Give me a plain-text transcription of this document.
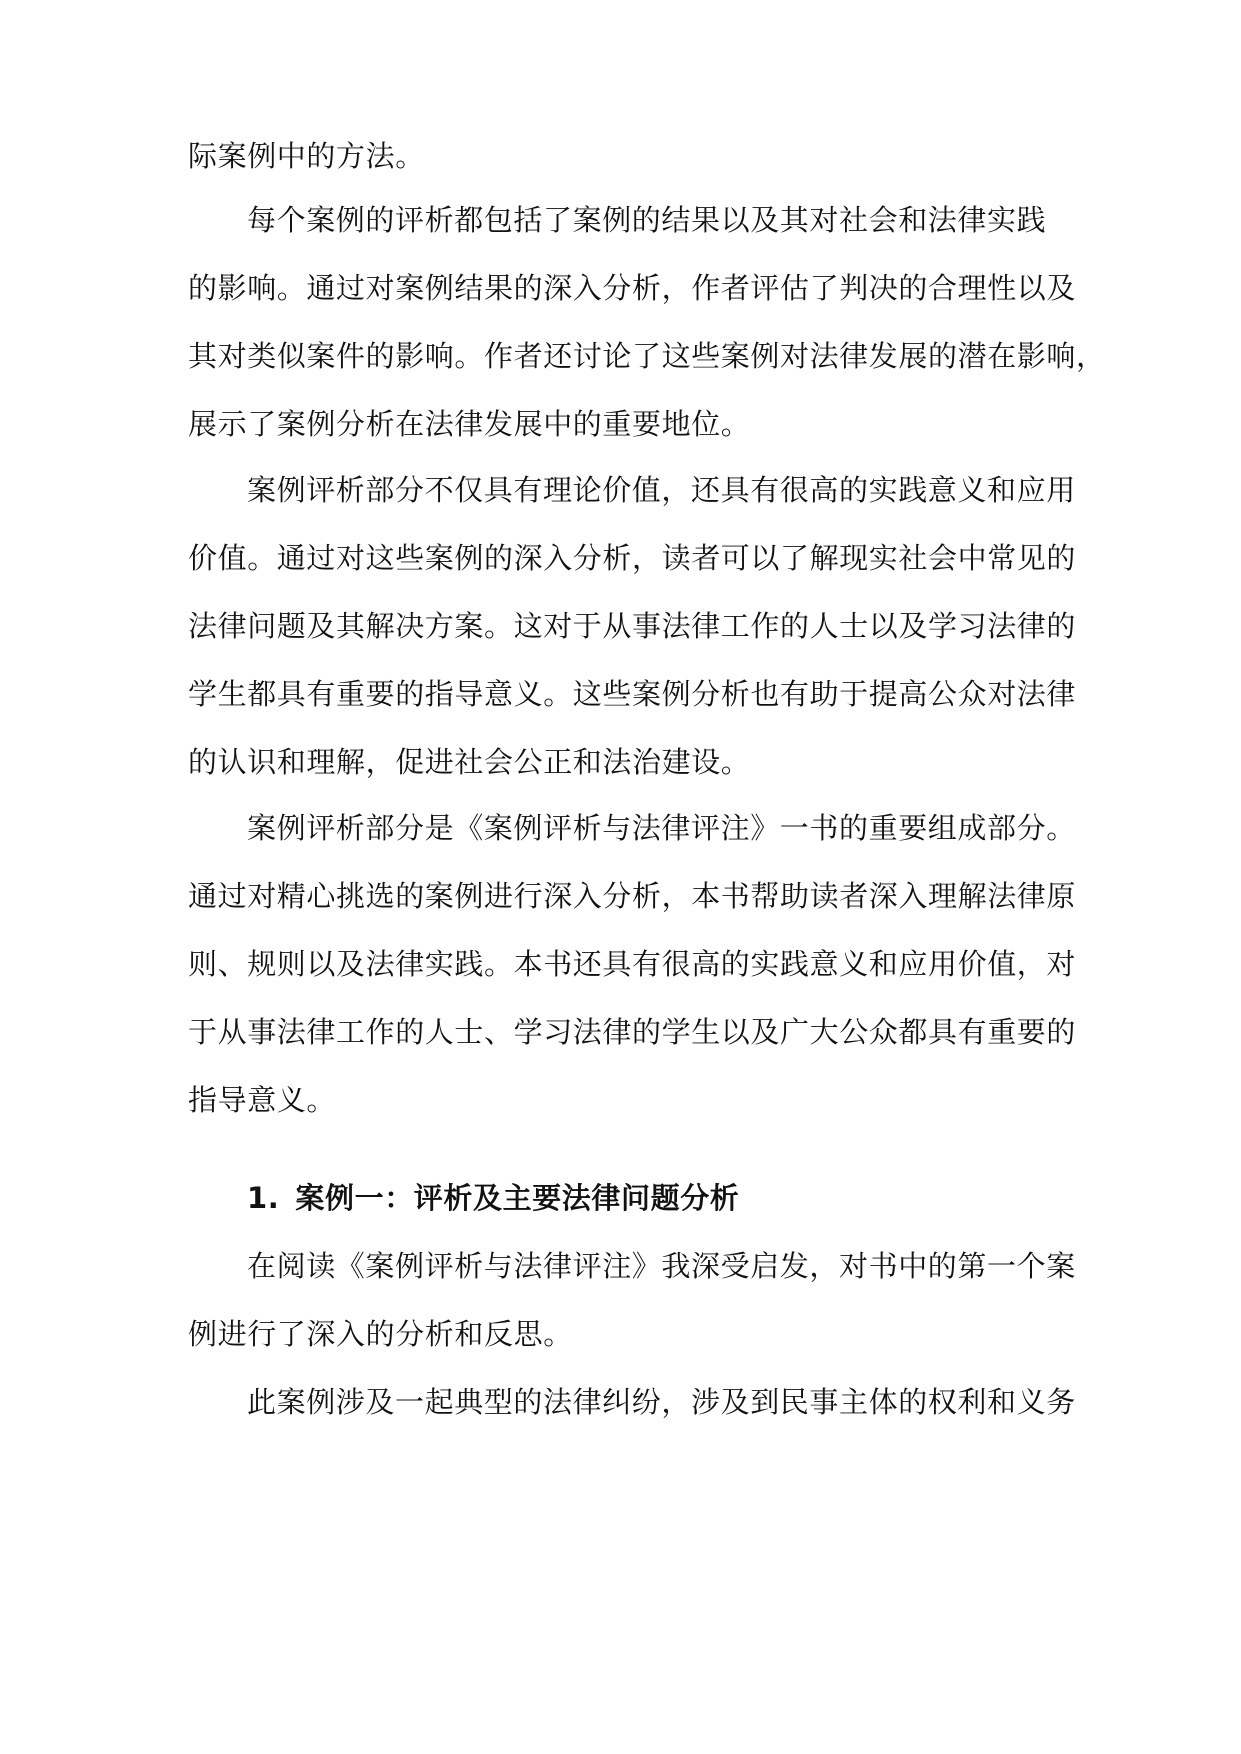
际案例中的方法。
每个案例的评析都包括了案例的结果以及其对社会和法律实践
的影响。通过对案例结果的深入分析，作者评估了判决的合理性以及
其对类似案件的影响。作者还讨论了这些案例对法律发展的潜在影响，
展示了案例分析在法律发展中的重要地位。
案例评析部分不仅具有理论价值，还具有很高的实践意义和应用
价值。通过对这些案例的深入分析，读者可以了解现实社会中常见的
法律问题及其解决方案。这对于从事法律工作的人士以及学习法律的
学生都具有重要的指导意义。这些案例分析也有助于提高公众对法律
的认识和理解，促进社会公正和法治建设。
案例评析部分是《案例评析与法律评注》一书的重要组成部分。
通过对精心挑选的案例进行深入分析，本书帮助读者深入理解法律原
则、规则以及法律实践。本书还具有很高的实践意义和应用价值，对
于从事法律工作的人士、学习法律的学生以及广大公众都具有重要的
指导意义。
1. 案例一：评析及主要法律问题分析
在阅读《案例评析与法律评注》我深受启发，对书中的第一个案
例进行了深入的分析和反思。
此案例涉及一起典型的法律纠纷，涉及到民事主体的权利和义务
